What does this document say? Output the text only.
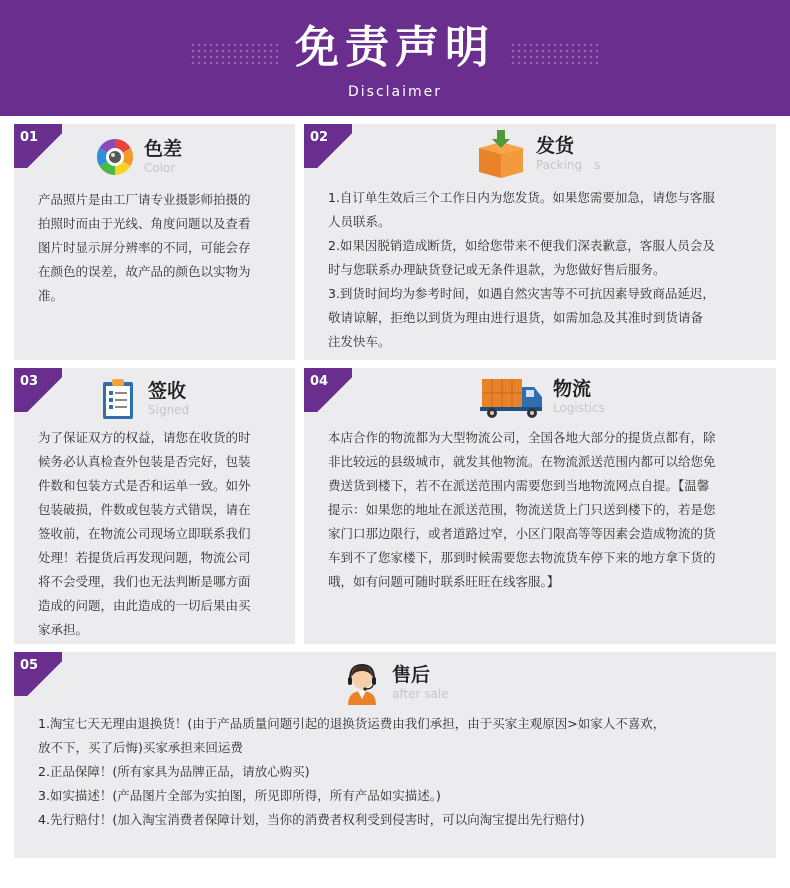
免责声明
Disclaimer
01
色差
Color

产品照片是由工厂请专业摄影师拍摄的

拍照时而由于光线、角度问题以及查看

图片时显示屏分辨率的不同，可能会存

在颜色的误差，故产品的颜色以实物为

准。

02	发货
Packing s

1.自订单生效后三个工作日内为您发货。如果您需要加急，请您与客服

人员联系。

2.如果因脱销造成断货，如给您带来不便我们深表歉意，客服人员会及

时与您联系办理缺货登记或无条件退款，为您做好售后服务。

3.到货时间均为参考时间，如遇自然灾害等不可抗因素导致商品延迟，

敬请谅解，拒绝以到货为理由进行退货，如需加急及其准时到货请备

注发快车。

03	签收
Signed

为了保证双方的权益，请您在收货的时

候务必认真检查外包装是否完好，包装

件数和包装方式是否和运单一致。如外

包装破损，件数或包装方式错误，请在

签收前，在物流公司现场立即联系我们

处理！若提货后再发现问题，物流公司

将不会受理，我们也无法判断是哪方面

造成的问题，由此造成的一切后果由买

家承担。

04	物流
Logistics

本店合作的物流都为大型物流公司，全国各地大部分的提货点都有，除

非比较远的县级城市，就发其他物流。在物流派送范围内都可以给您免

费送货到楼下，若不在派送范围内需要您到当地物流网点自提。【温馨

提示：如果您的地址在派送范围，物流送货上门只送到楼下的，若是您

家门口那边限行，或者道路过窄，小区门限高等等因素会造成物流的货

车到不了您家楼下，那到时候需要您去物流货车停下来的地方拿下货的

哦，如有问题可随时联系旺旺在线客服。】

05	售后
after sale

1.淘宝七天无理由退换货！(由于产品质量问题引起的退换货运费由我们承担，由于买家主观原因>如家人不喜欢，

放不下，买了后悔)买家承担来回运费

2.正品保障！(所有家具为品牌正品，请放心购买)

3.如实描述！(产品图片全部为实拍图，所见即所得，所有产品如实描述。)

4.先行赔付！(加入淘宝消费者保障计划，当你的消费者权利受到侵害时，可以向淘宝提出先行赔付)
